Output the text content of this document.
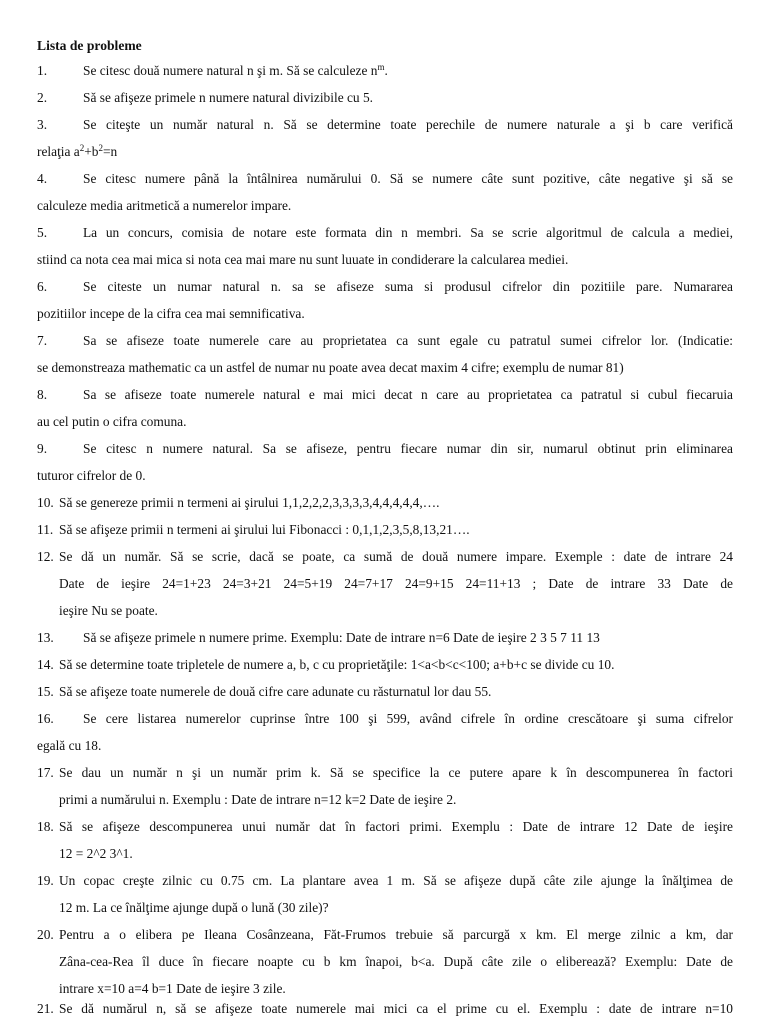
Lista de probleme
1.	Se citesc două numere natural n şi m. Să se calculeze $n^m$.
2.	Să se afişeze primele n numere natural divizibile cu 5.
3.	Se citeşte un număr natural n. Să se determine toate perechile de numere naturale a şi b care verifică
relaţia $a^2+b^2=n$
4.	Se citesc numere până la întâlnirea numărului 0. Să se numere câte sunt pozitive, câte negative şi să se
calculeze media aritmetică a numerelor impare.
5.	La un concurs, comisia de notare este formata din n membri. Sa se scrie algoritmul de calcula a mediei,
stiind ca nota cea mai mica si nota cea mai mare nu sunt luuate in condiderare la calcularea mediei.
6.	Se citeste un numar natural n. sa se afiseze suma si produsul cifrelor din pozitiile pare. Numararea
pozitiilor incepe de la cifra cea mai semnificativa.
7.	Sa se afiseze toate numerele care au proprietatea ca sunt egale cu patratul sumei cifrelor lor. (Indicatie:
se demonstreaza mathematic ca un astfel de numar nu poate avea decat maxim 4 cifre; exemplu de numar 81)
8.	Sa se afiseze toate numerele natural e mai mici decat n care au proprietatea ca patratul si cubul fiecaruia
au cel putin o cifra comuna.
9.	Se citesc n numere natural. Sa se afiseze, pentru fiecare numar din sir, numarul obtinut prin eliminarea
tuturor cifrelor de 0.
10. Să se genereze primii n termeni ai şirului 1,1,2,2,2,3,3,3,3,4,4,4,4,4,….
11. Să se afişeze primii n termeni ai şirului lui Fibonacci : 0,1,1,2,3,5,8,13,21….
12. Se dă un număr. Să se scrie, dacă se poate, ca sumă de două numere impare. Exemple : date de intrare 24
Date de ieşire 24=1+23 24=3+21 24=5+19 24=7+17 24=9+15 24=11+13 ; Date de intrare 33 Date de
ieşire Nu se poate.
13. Să se afişeze primele n numere prime. Exemplu: Date de intrare n=6 Date de ieşire 2 3 5 7 11 13
14. Să se determine toate tripletele de numere a, b, c cu proprietăţile: 1<a<b<c<100; a+b+c se divide cu 10.
15. Să se afişeze toate numerele de două cifre care adunate cu răsturnatul lor dau 55.
16. Se cere listarea numerelor cuprinse între 100 şi 599, având cifrele în ordine crescătoare şi suma cifrelor
egală cu 18.
17. Se dau un număr n şi un număr prim k. Să se specifice la ce putere apare k în descompunerea în factori
primi a numărului n. Exemplu : Date de intrare n=12 k=2 Date de ieşire 2.
18. Să se afişeze descompunerea unui număr dat în factori primi. Exemplu : Date de intrare 12 Date de ieşire
12 = 2^2 3^1.
19. Un copac creşte zilnic cu 0.75 cm. La plantare avea 1 m. Să se afişeze după câte zile ajunge la înălţimea de
12 m. La ce înălţime ajunge după o lună (30 zile)?
20. Pentru a o elibera pe Ileana Cosânzeana, Făt-Frumos trebuie să parcurgă x km. El merge zilnic a km, dar
Zâna-cea-Rea îl duce în fiecare noapte cu b km înapoi, b<a. După câte zile o eliberează? Exemplu: Date de
intrare x=10 a=4 b=1 Date de ieşire 3 zile.
21. Se dă numărul n, să se afişeze toate numerele mai mici ca el prime cu el. Exemplu : date de intrare n=10
